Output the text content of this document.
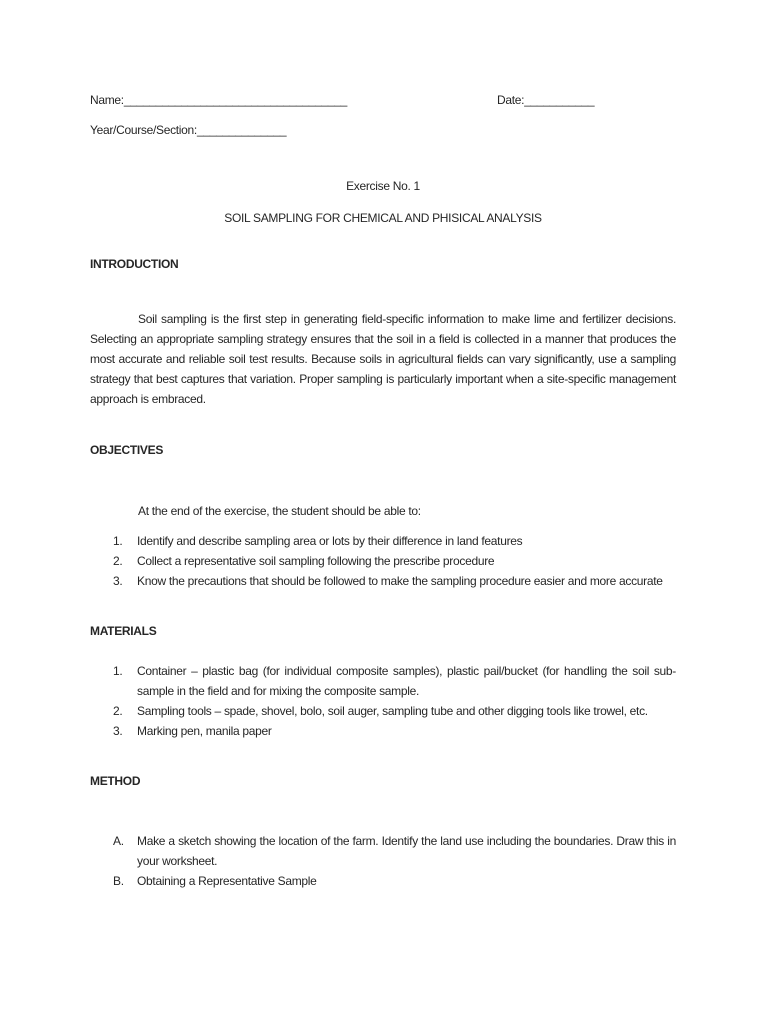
Name:___________________________________	Date:___________
Year/Course/Section:______________
Exercise No. 1
SOIL SAMPLING FOR CHEMICAL AND PHISICAL ANALYSIS
INTRODUCTION
Soil sampling is the first step in generating field-specific information to make lime and fertilizer decisions. Selecting an appropriate sampling strategy ensures that the soil in a field is collected in a manner that produces the most accurate and reliable soil test results. Because soils in agricultural fields can vary significantly, use a sampling strategy that best captures that variation. Proper sampling is particularly important when a site-specific management approach is embraced.
OBJECTIVES
At the end of the exercise, the student should be able to:
1.	Identify and describe sampling area or lots by their difference in land features
2.	Collect a representative soil sampling following the prescribe procedure
3.	Know the precautions that should be followed to make the sampling procedure easier and more accurate
MATERIALS
1.	Container – plastic bag (for individual composite samples), plastic pail/bucket (for handling the soil sub-sample in the field and for mixing the composite sample.
2.	Sampling tools – spade, shovel, bolo, soil auger, sampling tube and other digging tools like trowel, etc.
3.	Marking pen, manila paper
METHOD
A.	Make a sketch showing the location of the farm. Identify the land use including the boundaries. Draw this in your worksheet.
B.	Obtaining a Representative Sample
